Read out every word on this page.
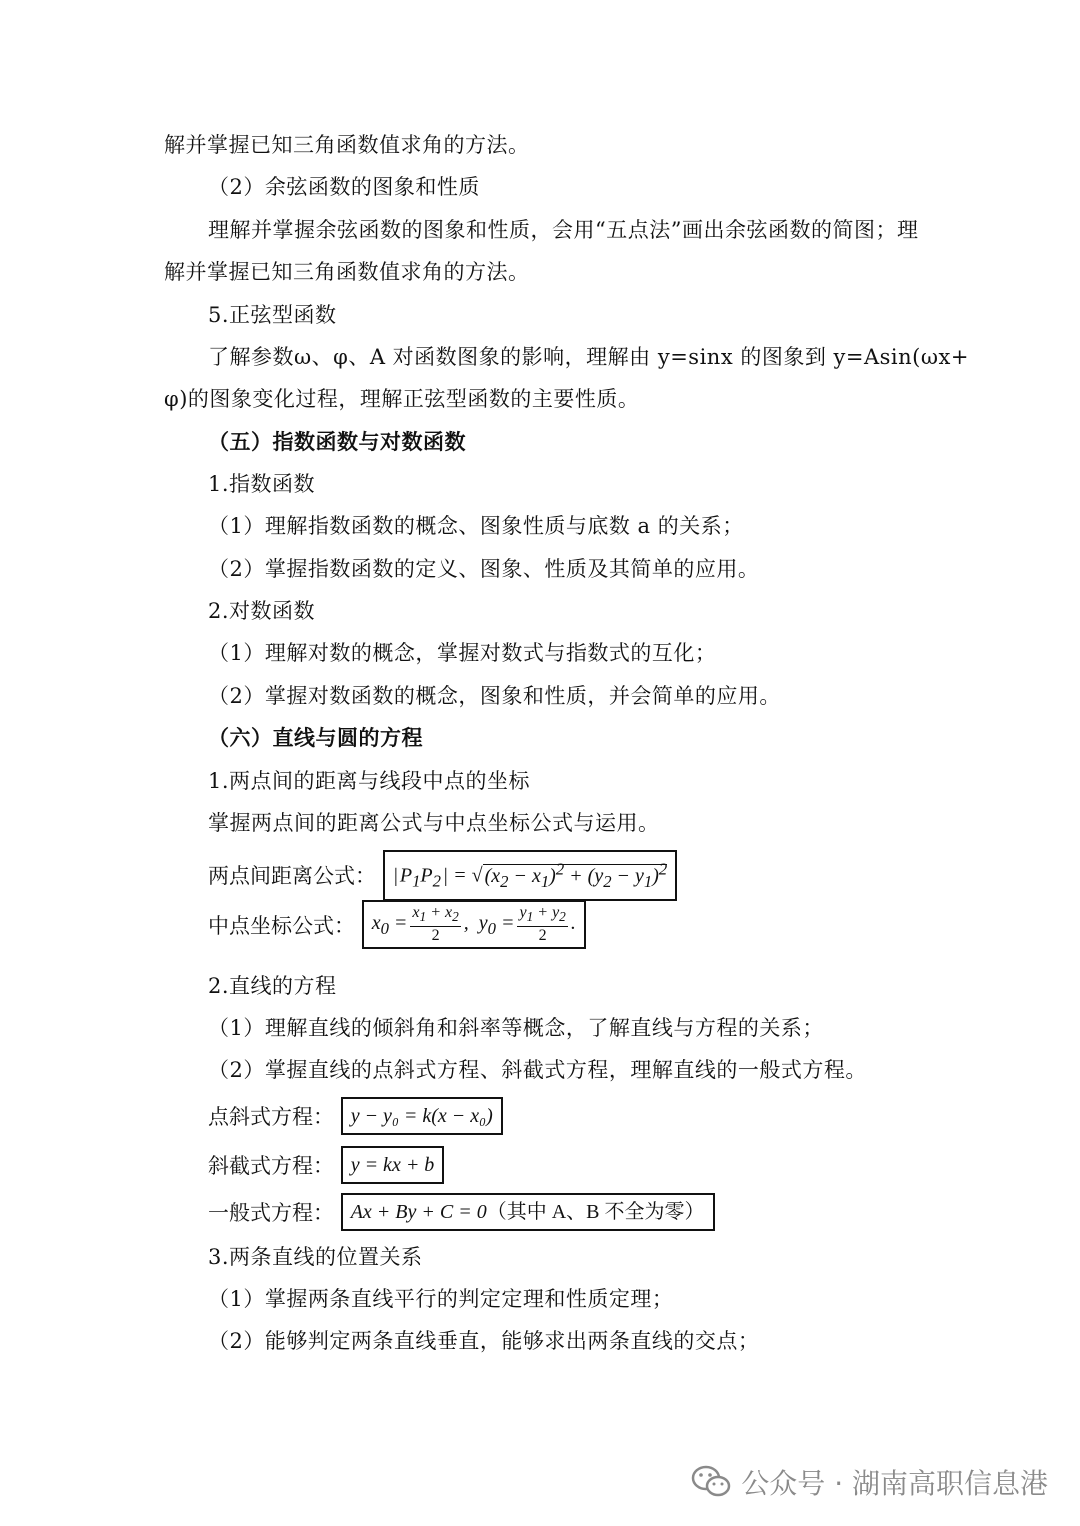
解并掌握已知三角函数值求角的方法。
（2）余弦函数的图象和性质
理解并掌握余弦函数的图象和性质，会用“五点法”画出余弦函数的简图；理
解并掌握已知三角函数值求角的方法。
5.正弦型函数
了解参数ω、φ、A 对函数图象的影响，理解由 y=sinx 的图象到 y=Asin(ωx+
φ)的图象变化过程，理解正弦型函数的主要性质。
（五）指数函数与对数函数
1.指数函数
（1）理解指数函数的概念、图象性质与底数 a 的关系；
（2）掌握指数函数的定义、图象、性质及其简单的应用。
2.对数函数
（1）理解对数的概念，掌握对数式与指数式的互化；
（2）掌握对数函数的概念，图象和性质，并会简单的应用。
（六）直线与圆的方程
1.两点间的距离与线段中点的坐标
掌握两点间的距离公式与中点坐标公式与运用。
两点间距离公式： | $P_1P_2$ | = √ $(x_2 - x_1)^2 + (y_2 - y_1)^2$
中点坐标公式： $x_0 = \frac{x_1 + x_2}{2}$ ,  $y_0 = \frac{y_1 + y_2}{2}$ .
2.直线的方程
（1）理解直线的倾斜角和斜率等概念，了解直线与方程的关系；
（2）掌握直线的点斜式方程、斜截式方程，理解直线的一般式方程。
点斜式方程： y − y₀ = k(x − x₀)
斜截式方程： y = kx + b
一般式方程： Ax + By + C = 0（其中 A、B 不全为零）
3.两条直线的位置关系
（1）掌握两条直线平行的判定定理和性质定理；
（2）能够判定两条直线垂直，能够求出两条直线的交点；
公众号 · 湖南高职信息港
